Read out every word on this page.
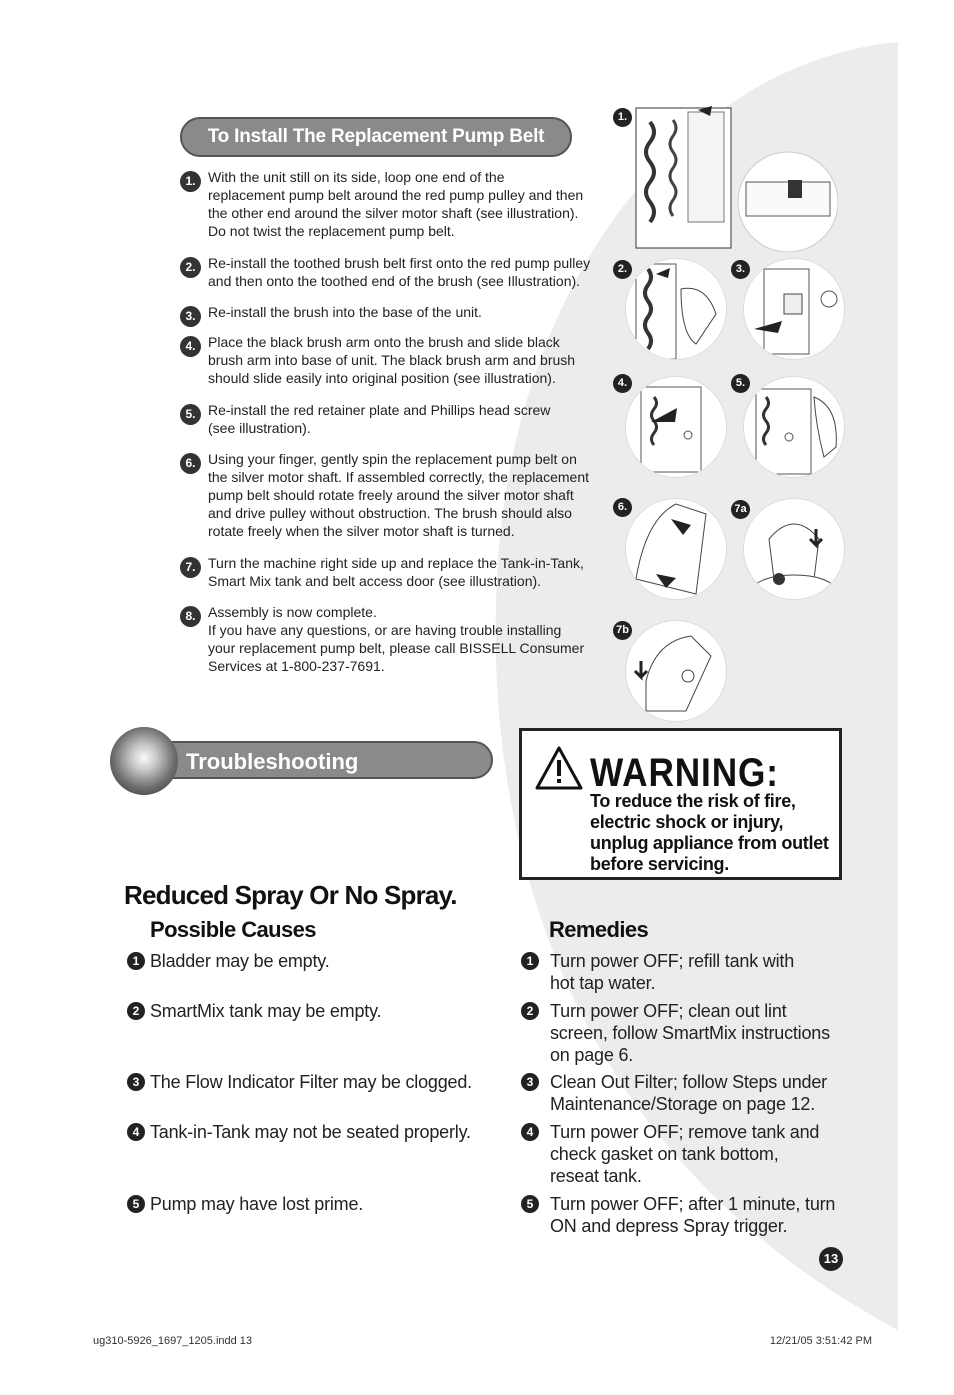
To Install The Replacement Pump Belt
1. With the unit still on its side, loop one end of the
replacement pump belt around the red pump pulley and then
the other end around the silver motor shaft (see illustration).
Do not twist the replacement pump belt.
2. Re-install the toothed brush belt first onto the red pump pulley
and then onto the toothed end of the brush (see Illustration).
3. Re-install the brush into the base of the unit.
4. Place the black brush arm onto the brush and slide black
brush arm into base of unit. The black brush arm and brush
should slide easily into original position (see illustration).
5. Re-install the red retainer plate and Phillips head screw
(see illustration).
6. Using your finger, gently spin the replacement pump belt on
the silver motor shaft. If assembled correctly, the replacement
pump belt should rotate freely around the silver motor shaft
and drive pulley without obstruction. The brush should also
rotate freely when the silver motor shaft is turned.
7. Turn the machine right side up and replace the Tank-in-Tank,
Smart Mix tank and belt access door (see illustration).
8. Assembly is now complete.
If you have any questions, or are having trouble installing
your replacement pump belt, please call BISSELL Consumer
Services at 1-800-237-7691.
1.
2.	3.
4.	5.
6.	7a
7b
Troubleshooting	WARNING:
To reduce the risk of fire,
electric shock or injury,
unplug appliance from outlet
before servicing.
Reduced Spray Or No Spray.
Possible Causes	Remedies
1 Bladder may be empty.	1 Turn power OFF; refill tank with
hot tap water.
2 SmartMix tank may be empty.	2 Turn power OFF; clean out lint
screen, follow SmartMix instructions
on page 6.
3 The Flow Indicator Filter may be clogged.	3 Clean Out Filter; follow Steps under
Maintenance/Storage on page 12.
4 Tank-in-Tank may not be seated properly.	4 Turn power OFF; remove tank and
check gasket on tank bottom,
reseat tank.
5 Pump may have lost prime.	5 Turn power OFF; after 1 minute, turn
ON and depress Spray trigger.
13
ug310-5926_1697_1205.indd 13	12/21/05 3:51:42 PM
